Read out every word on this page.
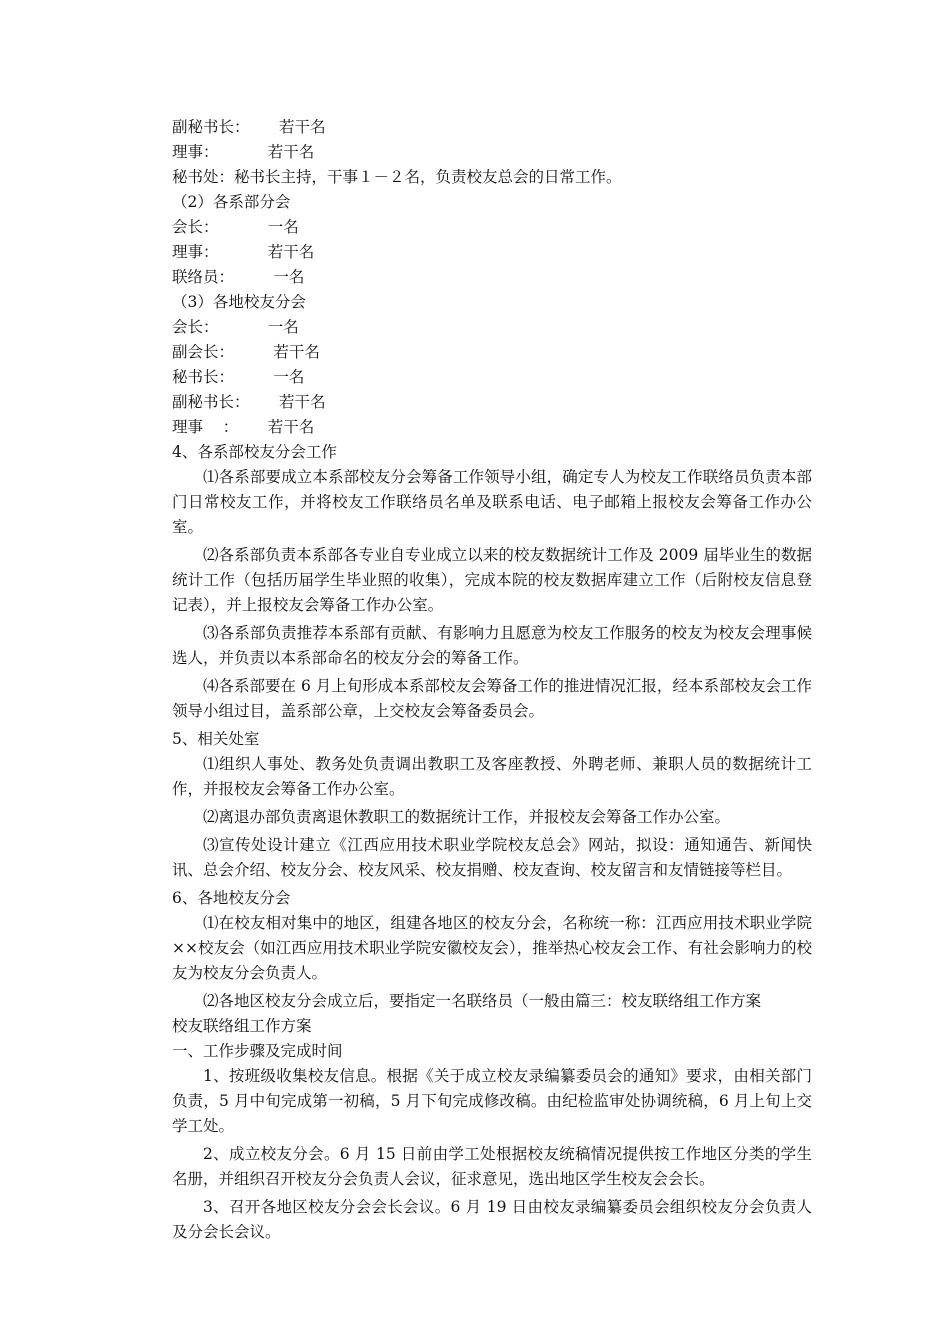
副秘书长：      若干名
理事：          若干名
秘书处：秘书长主持，干事１－２名，负责校友总会的日常工作。
（2）各系部分会
会长：          一名
理事：          若干名
联络员：        一名
（3）各地校友分会
会长：          一名
副会长：        若干名
秘书长：        一名
副秘书长：      若干名
理事    ：      若干名
4、各系部校友分会工作

⑴各系部要成立本系部校友分会筹备工作领导小组，确定专人为校友工作联络员负责本部门日常校友工作，并将校友工作联络员名单及联系电话、电子邮箱上报校友会筹备工作办公室。

⑵各系部负责本系部各专业自专业成立以来的校友数据统计工作及 2009 届毕业生的数据统计工作（包括历届学生毕业照的收集），完成本院的校友数据库建立工作（后附校友信息登记表），并上报校友会筹备工作办公室。

⑶各系部负责推荐本系部有贡献、有影响力且愿意为校友工作服务的校友为校友会理事候选人，并负责以本系部命名的校友分会的筹备工作。

⑷各系部要在 6 月上旬形成本系部校友会筹备工作的推进情况汇报，经本系部校友会工作领导小组过目，盖系部公章，上交校友会筹备委员会。

5、相关处室

⑴组织人事处、教务处负责调出教职工及客座教授、外聘老师、兼职人员的数据统计工作，并报校友会筹备工作办公室。

⑵离退办部负责离退休教职工的数据统计工作，并报校友会筹备工作办公室。

⑶宣传处设计建立《江西应用技术职业学院校友总会》网站，拟设：通知通告、新闻快讯、总会介绍、校友分会、校友风采、校友捐赠、校友查询、校友留言和友情链接等栏目。

6、各地校友分会

⑴在校友相对集中的地区，组建各地区的校友分会，名称统一称：江西应用技术职业学院××校友会（如江西应用技术职业学院安徽校友会），推举热心校友会工作、有社会影响力的校友为校友分会负责人。

⑵各地区校友分会成立后，要指定一名联络员（一般由篇三：校友联络组工作方案

校友联络组工作方案
一、工作步骤及完成时间

1、按班级收集校友信息。根据《关于成立校友录编纂委员会的通知》要求，由相关部门负责，5 月中旬完成第一初稿，5 月下旬完成修改稿。由纪检监审处协调统稿，6 月上旬上交学工处。

2、成立校友分会。6 月 15 日前由学工处根据校友统稿情况提供按工作地区分类的学生名册，并组织召开校友分会负责人会议，征求意见，选出地区学生校友会会长。

3、召开各地区校友分会会长会议。6 月 19 日由校友录编纂委员会组织校友分会负责人及分会长会议。
